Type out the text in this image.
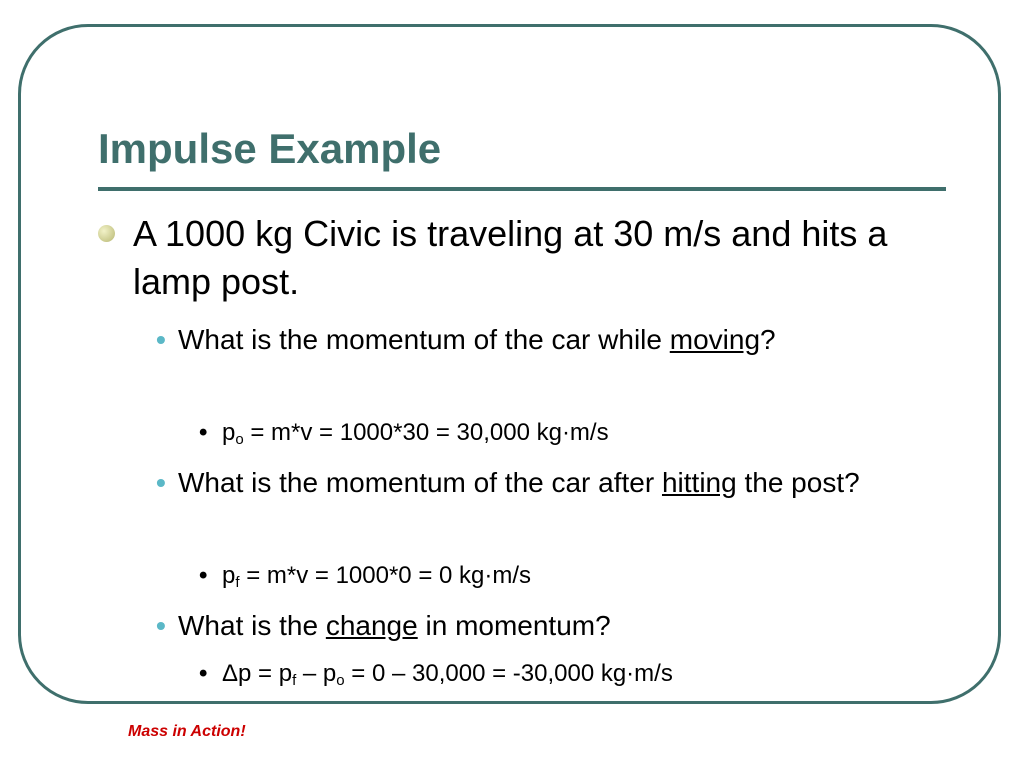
Impulse Example
A 1000 kg Civic is traveling at 30 m/s and hits a lamp post.
• What is the momentum of the car while moving?
• $p_o = m*v = 1000*30 = 30,000$ kg·m/s
• What is the momentum of the car after hitting the post?
• $p_f = m*v = 1000*0 = 0$ kg·m/s
• What is the change in momentum?
• $\Delta p = p_f - p_o = 0 - 30,000 = -30,000$ kg·m/s
Mass in Action!
